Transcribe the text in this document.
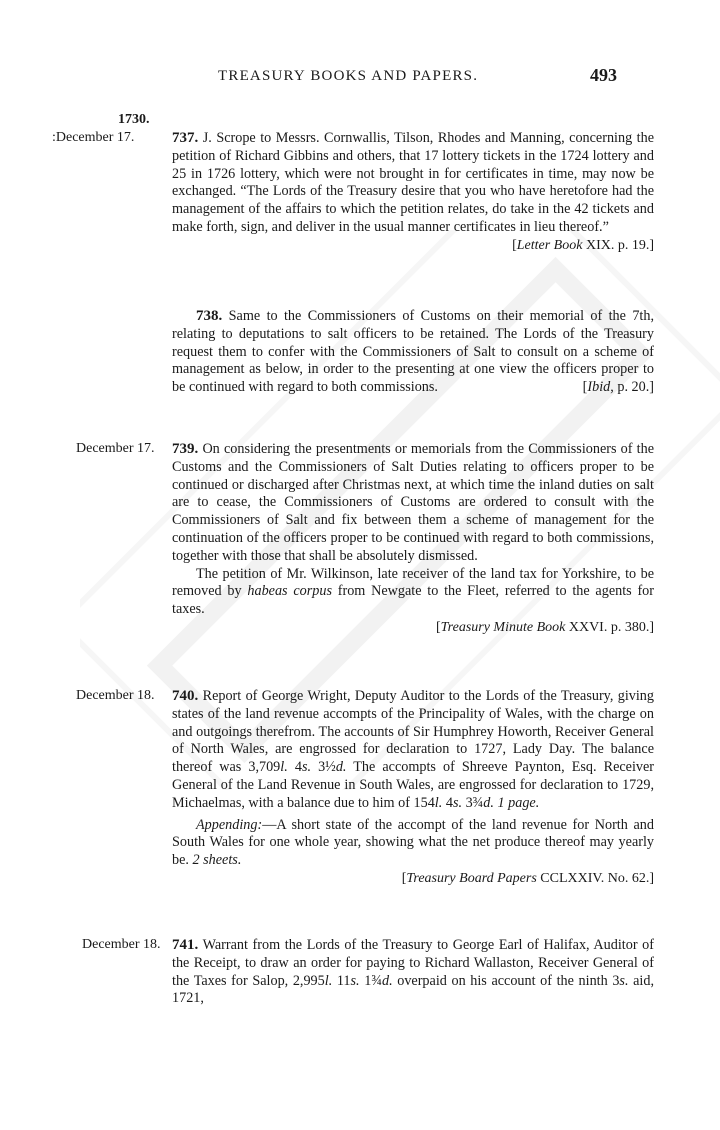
TREASURY BOOKS AND PAPERS.	493
1730.
:December 17.	737. J. Scrope to Messrs. Cornwallis, Tilson, Rhodes and Manning, concerning the petition of Richard Gibbins and others, that 17 lottery tickets in the 1724 lottery and 25 in 1726 lottery, which were not brought in for certificates in time, may now be exchanged. “The Lords of the Treasury desire that you who have heretofore had the management of the affairs to which the petition relates, do take in the 42 tickets and make forth, sign, and deliver in the usual manner certificates in lieu thereof.”

[Letter Book XIX. p. 19.]

738. Same to the Commissioners of Customs on their memorial of the 7th, relating to deputations to salt officers to be retained. The Lords of the Treasury request them to confer with the Commissioners of Salt to consult on a scheme of management as below, in order to the presenting at one view the officers proper to be continued with regard to both commissions.	[Ibid, p. 20.]

December 17. 739. On considering the presentments or memorials from the Commissioners of the Customs and the Commissioners of Salt Duties relating to officers proper to be continued or discharged after Christmas next, at which time the inland duties on salt are to cease, the Commissioners of Customs are ordered to consult with the Commissioners of Salt and fix between them a scheme of management for the continuation of the officers proper to be continued with regard to both commissions, together with those that shall be absolutely dismissed.

The petition of Mr. Wilkinson, late receiver of the land tax for Yorkshire, to be removed by habeas corpus from Newgate to the Fleet, referred to the agents for taxes.

[Treasury Minute Book XXVI. p. 380.]
December 18. 740. Report of George Wright, Deputy Auditor to the Lords of the Treasury, giving states of the land revenue accompts of the Principality of Wales, with the charge on and outgoings therefrom. The accounts of Sir Humphrey Howorth, Receiver General of North Wales, are engrossed for declaration to 1727, Lady Day. The balance thereof was 3,709l. 4s. 3½d. The accompts of Shreeve Paynton, Esq. Receiver General of the Land Revenue in South Wales, are engrossed for declaration to 1729, Michaelmas, with a balance due to him of 154l. 4s. 3¾d. 1 page.

Appending:—A short state of the accompt of the land revenue for North and South Wales for one whole year, showing what the net produce thereof may yearly be. 2 sheets.

[Treasury Board Papers CCLXXIV. No. 62.]
December 18. 741. Warrant from the Lords of the Treasury to George Earl of Halifax, Auditor of the Receipt, to draw an order for paying to Richard Wallaston, Receiver General of the Taxes for Salop, 2,995l. 11s. 1¾d. overpaid on his account of the ninth 3s. aid, 1721,
